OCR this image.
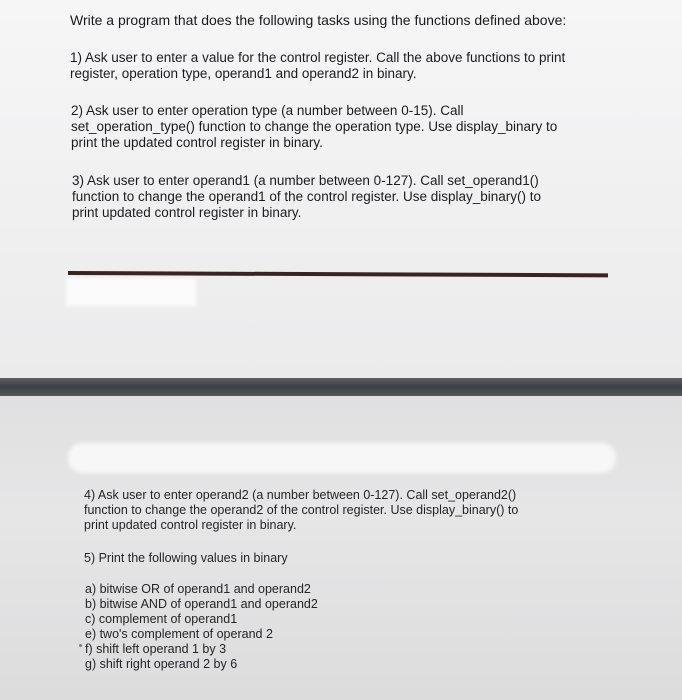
Write a program that does the following tasks using the functions defined above:

1) Ask user to enter a value for the control register. Call the above functions to print
register, operation type, operand1 and operand2 in binary.
2) Ask user to enter operation type (a number between 0-15). Call
set_operation_type() function to change the operation type. Use display_binary to
print the updated control register in binary.
3) Ask user to enter operand1 (a number between 0-127). Call set_operand1()
function to change the operand1 of the control register. Use display_binary() to
print updated control register in binary.
4) Ask user to enter operand2 (a number between 0-127). Call set_operand2()
function to change the operand2 of the control register. Use display_binary() to
print updated control register in binary.
5) Print the following values in binary
a) bitwise OR of operand1 and operand2
b) bitwise AND of operand1 and operand2
c) complement of operand1
e) two's complement of operand 2
f) shift left operand 1 by 3
g) shift right operand 2 by 6
